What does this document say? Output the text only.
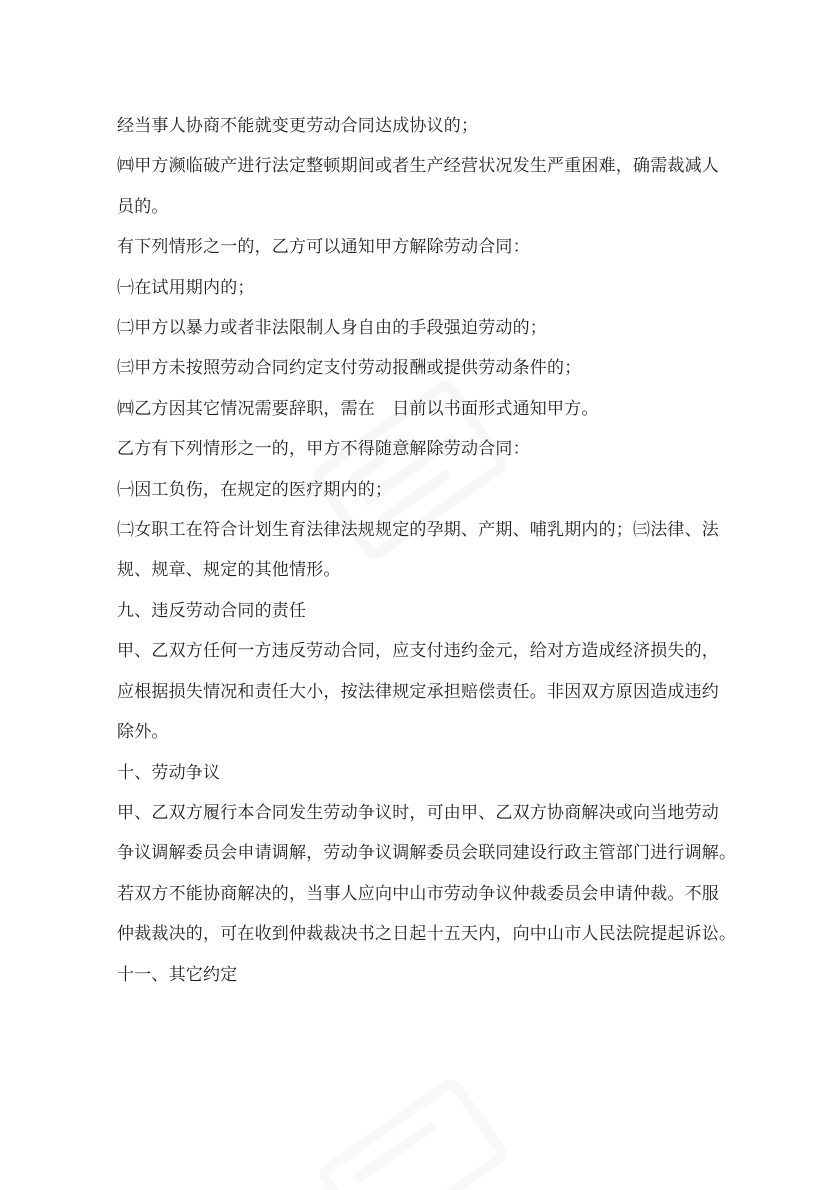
经当事人协商不能就变更劳动合同达成协议的；
㈣甲方濒临破产进行法定整顿期间或者生产经营状况发生严重困难，确需裁减人
员的。
有下列情形之一的，乙方可以通知甲方解除劳动合同：
㈠在试用期内的；
㈡甲方以暴力或者非法限制人身自由的手段强迫劳动的；
㈢甲方未按照劳动合同约定支付劳动报酬或提供劳动条件的；
㈣乙方因其它情况需要辞职，需在　日前以书面形式通知甲方。
乙方有下列情形之一的，甲方不得随意解除劳动合同：
㈠因工负伤，在规定的医疗期内的；
㈡女职工在符合计划生育法律法规规定的孕期、产期、哺乳期内的；㈢法律、法
规、规章、规定的其他情形。
九、违反劳动合同的责任
甲、乙双方任何一方违反劳动合同，应支付违约金元，给对方造成经济损失的，
应根据损失情况和责任大小，按法律规定承担赔偿责任。非因双方原因造成违约
除外。
十、劳动争议
甲、乙双方履行本合同发生劳动争议时，可由甲、乙双方协商解决或向当地劳动
争议调解委员会申请调解，劳动争议调解委员会联同建设行政主管部门进行调解。
若双方不能协商解决的，当事人应向中山市劳动争议仲裁委员会申请仲裁。不服
仲裁裁决的，可在收到仲裁裁决书之日起十五天内，向中山市人民法院提起诉讼。
十一、其它约定
